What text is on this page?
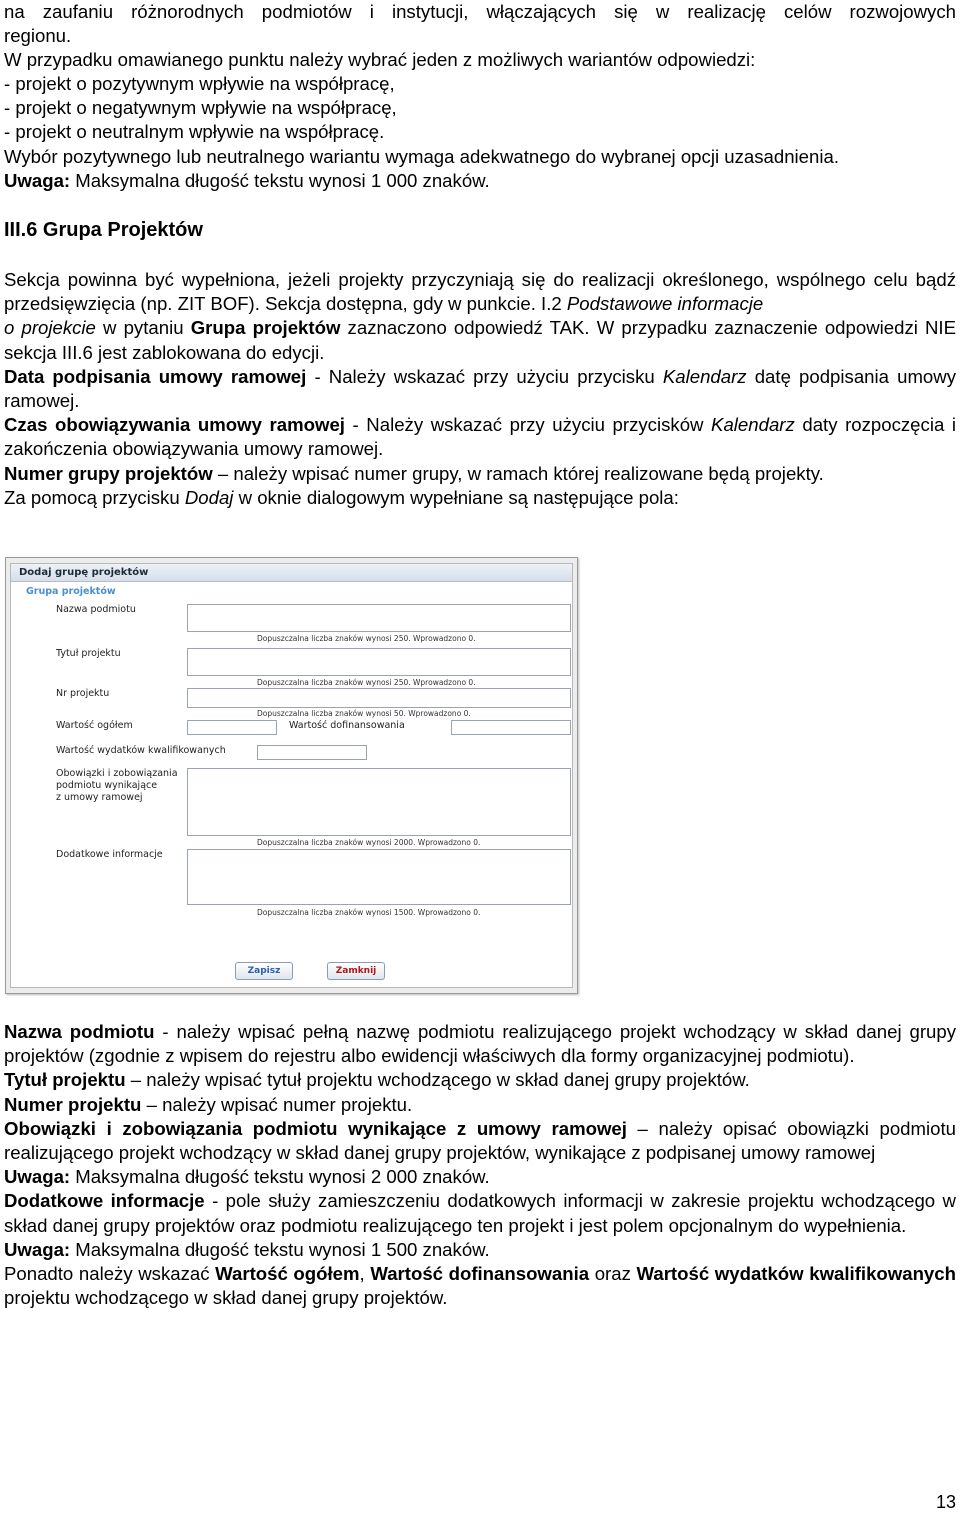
na zaufaniu różnorodnych podmiotów i instytucji, włączających się w realizację celów rozwojowych

regionu.

W przypadku omawianego punktu należy wybrać jeden z możliwych wariantów odpowiedzi:

- projekt o pozytywnym wpływie na współpracę,

- projekt o negatywnym wpływie na współpracę,

- projekt o neutralnym wpływie na współpracę.

Wybór pozytywnego lub neutralnego wariantu wymaga adekwatnego do wybranej opcji uzasadnienia.

Uwaga: Maksymalna długość tekstu wynosi 1 000 znaków.

III.6 Grupa Projektów

Sekcja powinna być wypełniona, jeżeli projekty przyczyniają się do realizacji określonego, wspólnego celu bądź przedsięwzięcia (np. ZIT BOF). Sekcja dostępna, gdy w punkcie. I.2 Podstawowe informacje
o projekcie w pytaniu Grupa projektów zaznaczono odpowiedź TAK. W przypadku zaznaczenie odpowiedzi NIE sekcja III.6 jest zablokowana do edycji.
Data podpisania umowy ramowej - Należy wskazać przy użyciu przycisku Kalendarz datę podpisania umowy ramowej.
Czas obowiązywania umowy ramowej - Należy wskazać przy użyciu przycisków Kalendarz daty rozpoczęcia i zakończenia obowiązywania umowy ramowej.
Numer grupy projektów – należy wpisać numer grupy, w ramach której realizowane będą projekty.
Za pomocą przycisku Dodaj w oknie dialogowym wypełniane są następujące pola:
Dodaj grupę projektów
Grupa projektów
Nazwa podmiotu
Dopuszczalna liczba znaków wynosi 250. Wprowadzono 0.
Tytuł projektu
Dopuszczalna liczba znaków wynosi 250. Wprowadzono 0.
Nr projektu
Dopuszczalna liczba znaków wynosi 50. Wprowadzono 0.
Wartość ogółem	Wartość dofinansowania
Wartość wydatków kwalifikowanych
Obowiązki i zobowiązania
podmiotu wynikające
z umowy ramowej
Dopuszczalna liczba znaków wynosi 2000. Wprowadzono 0.
Dodatkowe informacje
Dopuszczalna liczba znaków wynosi 1500. Wprowadzono 0.
Zapisz	Zamknij
Nazwa podmiotu - należy wpisać pełną nazwę podmiotu realizującego projekt wchodzący w skład danej grupy projektów (zgodnie z wpisem do rejestru albo ewidencji właściwych dla formy organizacyjnej podmiotu).
Tytuł projektu – należy wpisać tytuł projektu wchodzącego w skład danej grupy projektów.
Numer projektu – należy wpisać numer projektu.
Obowiązki i zobowiązania podmiotu wynikające z umowy ramowej – należy opisać obowiązki podmiotu realizującego projekt wchodzący w skład danej grupy projektów, wynikające z podpisanej umowy ramowej
Uwaga: Maksymalna długość tekstu wynosi 2 000 znaków.
Dodatkowe informacje - pole służy zamieszczeniu dodatkowych informacji w zakresie projektu wchodzącego w skład danej grupy projektów oraz podmiotu realizującego ten projekt i jest polem opcjonalnym do wypełnienia.
Uwaga: Maksymalna długość tekstu wynosi 1 500 znaków.
Ponadto należy wskazać Wartość ogółem, Wartość dofinansowania oraz Wartość wydatków kwalifikowanych projektu wchodzącego w skład danej grupy projektów.
13
